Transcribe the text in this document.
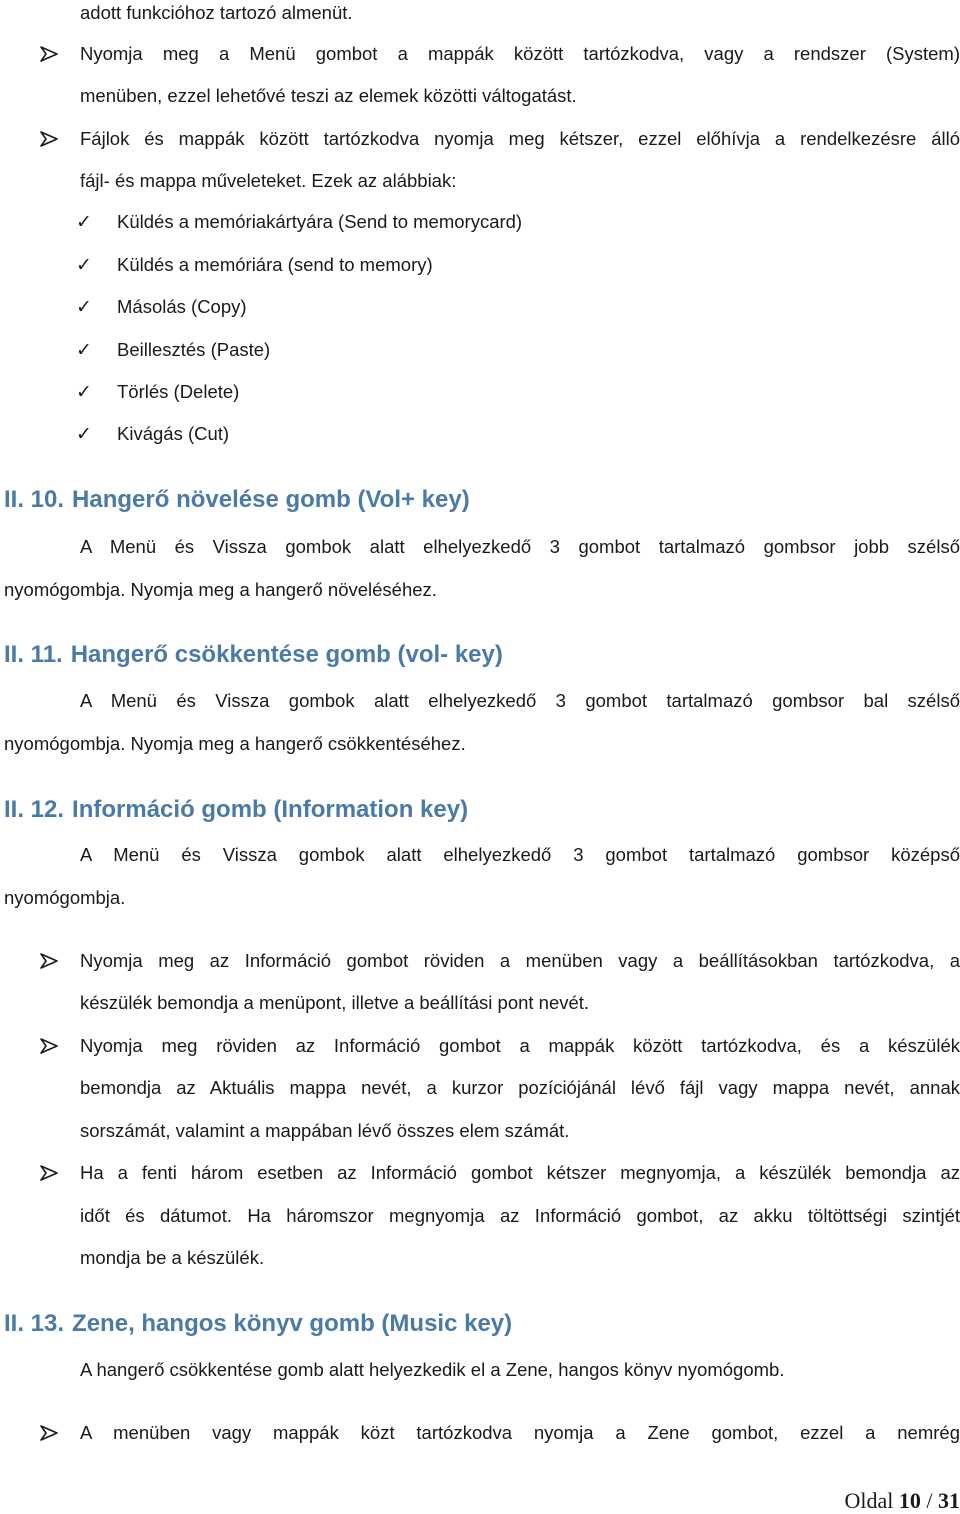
adott funkcióhoz tartozó almenüt.
Nyomja meg a Menü gombot a mappák között tartózkodva, vagy a rendszer (System)
menüben, ezzel lehetővé teszi az elemek közötti váltogatást.
Fájlok és mappák között tartózkodva nyomja meg kétszer, ezzel előhívja a rendelkezésre álló
fájl- és mappa műveleteket. Ezek az alábbiak:
✓ Küldés a memóriakártyára (Send to memorycard)
✓ Küldés a memóriára (send to memory)
✓ Másolás (Copy)
✓ Beillesztés (Paste)
✓ Törlés (Delete)
✓ Kivágás (Cut)
II. 10. Hangerő növelése gomb (Vol+ key)
A Menü és Vissza gombok alatt elhelyezkedő 3 gombot tartalmazó gombsor jobb szélső
nyomógombja. Nyomja meg a hangerő növeléséhez.
II. 11. Hangerő csökkentése gomb (vol- key)
A Menü és Vissza gombok alatt elhelyezkedő 3 gombot tartalmazó gombsor bal szélső
nyomógombja. Nyomja meg a hangerő csökkentéséhez.
II. 12. Információ gomb (Information key)
A Menü és Vissza gombok alatt elhelyezkedő 3 gombot tartalmazó gombsor középső
nyomógombja.
Nyomja meg az Információ gombot röviden a menüben vagy a beállításokban tartózkodva, a
készülék bemondja a menüpont, illetve a beállítási pont nevét.
Nyomja meg röviden az Információ gombot a mappák között tartózkodva, és a készülék
bemondja az Aktuális mappa nevét, a kurzor pozíciójánál lévő fájl vagy mappa nevét, annak
sorszámát, valamint a mappában lévő összes elem számát.
Ha a fenti három esetben az Információ gombot kétszer megnyomja, a készülék bemondja az
időt és dátumot. Ha háromszor megnyomja az Információ gombot, az akku töltöttségi szintjét
mondja be a készülék.
II. 13. Zene, hangos könyv gomb (Music key)
A hangerő csökkentése gomb alatt helyezkedik el a Zene, hangos könyv nyomógomb.
A menüben vagy mappák közt tartózkodva nyomja a Zene gombot, ezzel a nemrég
Oldal 10 / 31
